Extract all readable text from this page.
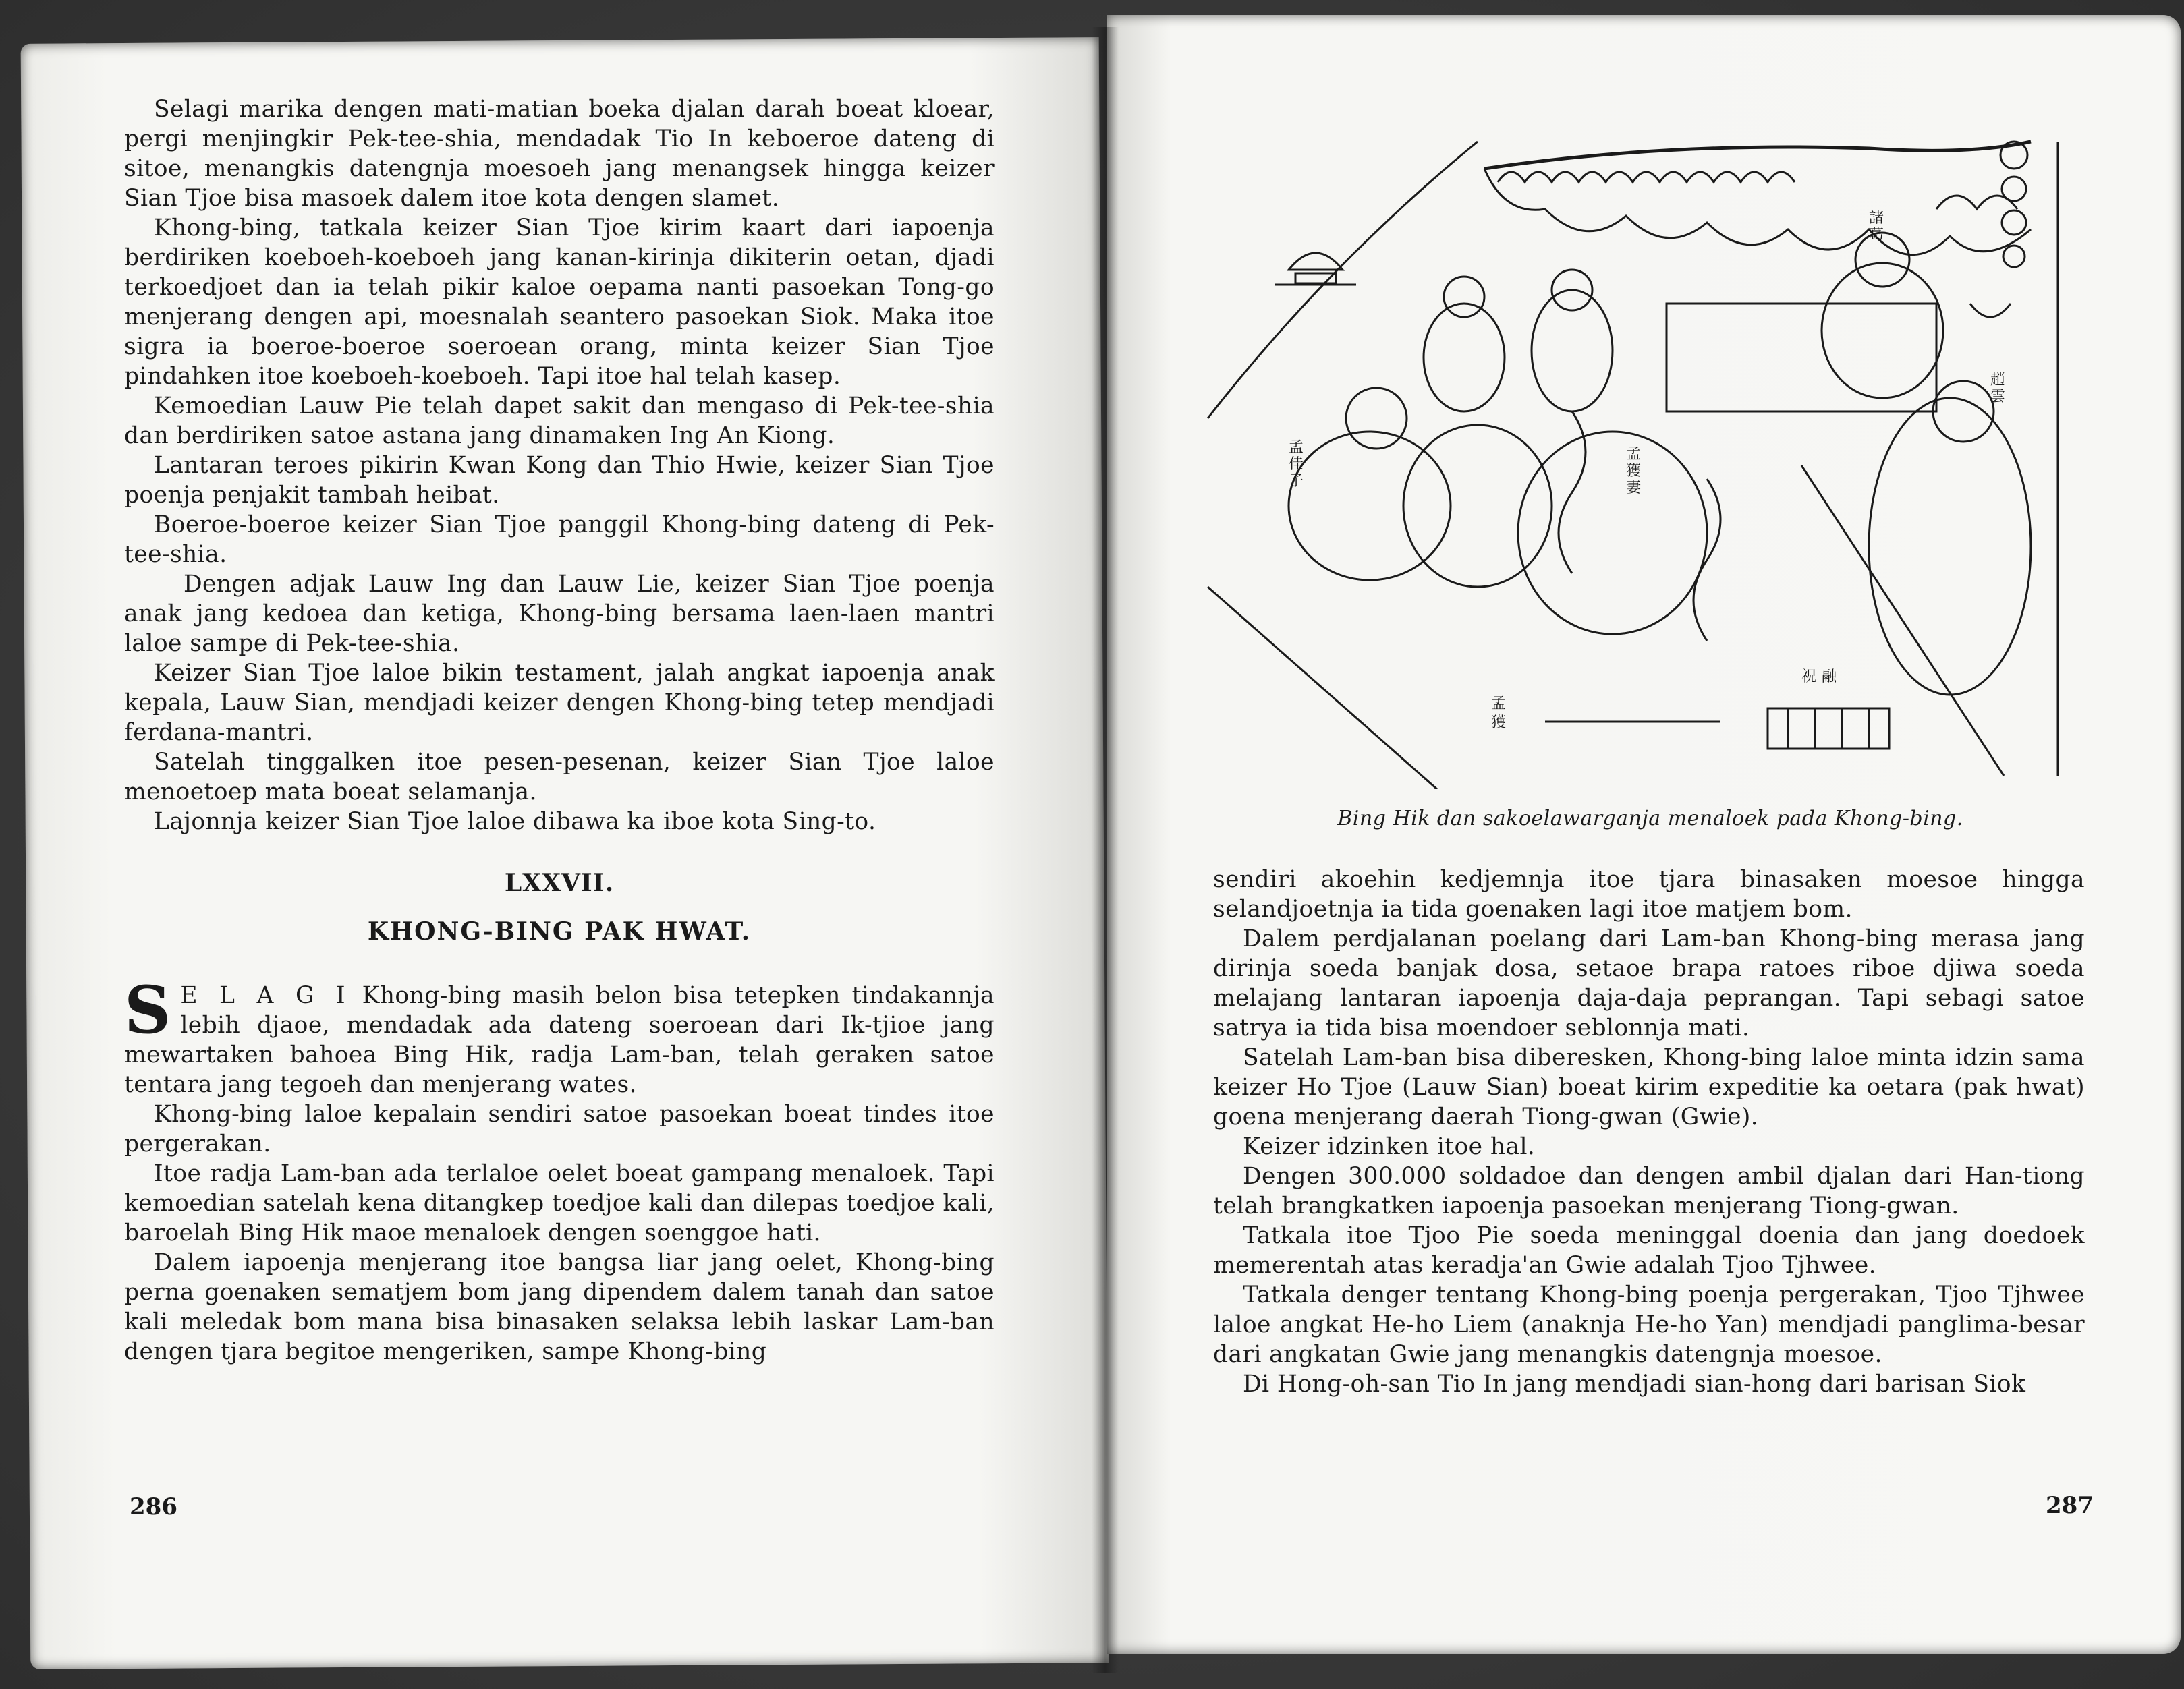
Selagi marika dengen mati-matian boeka djalan darah boeat kloear, pergi menjingkir Pek-tee-shia, mendadak Tio In keboeroe dateng di sitoe, menangkis datengnja moesoeh jang menangsek hingga keizer Sian Tjoe bisa masoek dalem itoe kota dengen slamet.

Khong-bing, tatkala keizer Sian Tjoe kirim kaart dari iapoenja berdiriken koeboeh-koeboeh jang kanan-kirinja dikiterin oetan, djadi terkoedjoet dan ia telah pikir kaloe oepama nanti pasoekan Tong-go menjerang dengen api, moesnalah seantero pasoekan Siok. Maka itoe sigra ia boeroe-boeroe soeroean orang, minta keizer Sian Tjoe pindahken itoe koeboeh-koeboeh. Tapi itoe hal telah kasep.

Kemoedian Lauw Pie telah dapet sakit dan mengaso di Pek-tee-shia dan berdiriken satoe astana jang dinamaken Ing An Kiong.

Lantaran teroes pikirin Kwan Kong dan Thio Hwie, keizer Sian Tjoe poenja penjakit tambah heibat.

Boeroe-boeroe keizer Sian Tjoe panggil Khong-bing dateng di Pek-tee-shia.

Dengen adjak Lauw Ing dan Lauw Lie, keizer Sian Tjoe poenja anak jang kedoea dan ketiga, Khong-bing bersama laen-laen mantri laloe sampe di Pek-tee-shia.

Keizer Sian Tjoe laloe bikin testament, jalah angkat iapoenja anak kepala, Lauw Sian, mendjadi keizer dengen Khong-bing tetep mendjadi ferdana-mantri.

Satelah tinggalken itoe pesen-pesenan, keizer Sian Tjoe laloe menoetoep mata boeat selamanja.

Lajonnja keizer Sian Tjoe laloe dibawa ka iboe kota Sing-to.

LXXVII.
KHONG-BING PAK HWAT.

S E L A G I Khong-bing masih belon bisa tetepken tindakannja lebih djaoe, mendadak ada dateng soeroean dari Ik-tjioe jang mewartaken bahoea Bing Hik, radja Lam-ban, telah geraken satoe tentara jang tegoeh dan menjerang wates.

Khong-bing laloe kepalain sendiri satoe pasoekan boeat tindes itoe pergerakan.

Itoe radja Lam-ban ada terlaloe oelet boeat gampang menaloek. Tapi kemoedian satelah kena ditangkep toedjoe kali dan dilepas toedjoe kali, baroelah Bing Hik maoe menaloek dengen soenggoe hati.

Dalem iapoenja menjerang itoe bangsa liar jang oelet, Khong-bing perna goenaken sematjem bom jang dipendem dalem tanah dan satoe kali meledak bom mana bisa binasaken selaksa lebih laskar Lam-ban dengen tjara begitoe mengeriken, sampe Khong-bing

286
孟
佳
子
孟
獲
孟
獲
妻
趙
雲
諸
葛
祝 融
Bing Hik dan sakoelawarganja menaloek pada Khong-bing.

sendiri akoehin kedjemnja itoe tjara binasaken moesoe hingga selandjoetnja ia tida goenaken lagi itoe matjem bom.

Dalem perdjalanan poelang dari Lam-ban Khong-bing merasa jang dirinja soeda banjak dosa, setaoe brapa ratoes riboe djiwa soeda melajang lantaran iapoenja daja-daja peprangan. Tapi sebagi satoe satrya ia tida bisa moendoer seblonnja mati.

Satelah Lam-ban bisa diberesken, Khong-bing laloe minta idzin sama keizer Ho Tjoe (Lauw Sian) boeat kirim expeditie ka oetara (pak hwat) goena menjerang daerah Tiong-gwan (Gwie).

Keizer idzinken itoe hal.

Dengen 300.000 soldadoe dan dengen ambil djalan dari Han-tiong telah brangkatken iapoenja pasoekan menjerang Tiong-gwan.

Tatkala itoe Tjoo Pie soeda meninggal doenia dan jang doedoek memerentah atas keradja'an Gwie adalah Tjoo Tjhwee.

Tatkala denger tentang Khong-bing poenja pergerakan, Tjoo Tjhwee laloe angkat He-ho Liem (anaknja He-ho Yan) mendjadi panglima-besar dari angkatan Gwie jang menangkis datengnja moesoe.

Di Hong-oh-san Tio In jang mendjadi sian-hong dari barisan Siok

287
